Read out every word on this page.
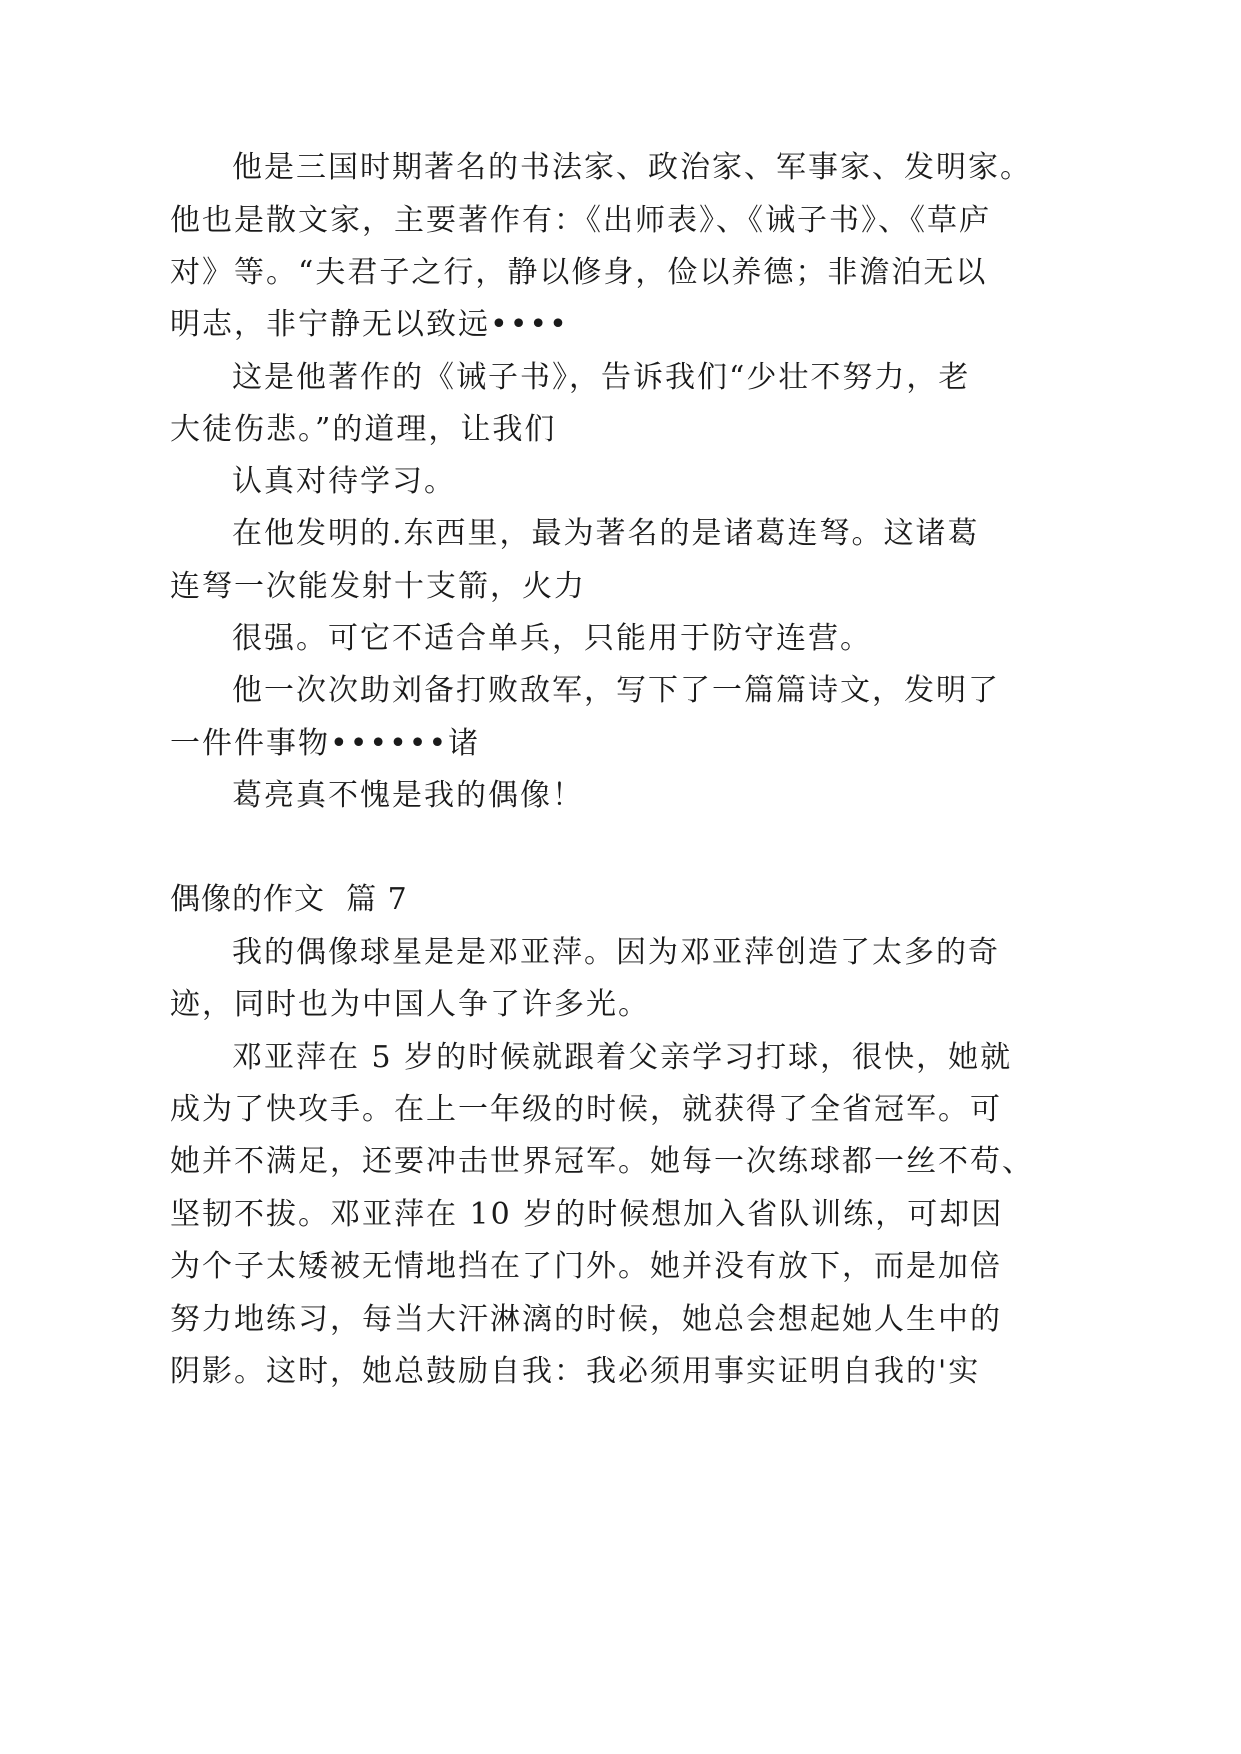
他是三国时期著名的书法家、政治家、军事家、发明家。
他也是散文家，主要著作有：《出师表》、《诫子书》、《草庐
对》等。“夫君子之行，静以修身，俭以养德；非澹泊无以
明志，非宁静无以致远••••
这是他著作的《诫子书》，告诉我们“少壮不努力，老
大徒伤悲。”的道理，让我们
认真对待学习。
在他发明的.东西里，最为著名的是诸葛连弩。这诸葛
连弩一次能发射十支箭，火力
很强。可它不适合单兵，只能用于防守连营。
他一次次助刘备打败敌军，写下了一篇篇诗文，发明了
一件件事物••••••诸
葛亮真不愧是我的偶像！
偶像的作文  篇 7
我的偶像球星是是邓亚萍。因为邓亚萍创造了太多的奇
迹，同时也为中国人争了许多光。
邓亚萍在 5 岁的时候就跟着父亲学习打球，很快，她就
成为了快攻手。在上一年级的时候，就获得了全省冠军。可
她并不满足，还要冲击世界冠军。她每一次练球都一丝不苟、
坚韧不拔。邓亚萍在 10 岁的时候想加入省队训练，可却因
为个子太矮被无情地挡在了门外。她并没有放下，而是加倍
努力地练习，每当大汗淋漓的时候，她总会想起她人生中的
阴影。这时，她总鼓励自我：我必须用事实证明自我的'实
